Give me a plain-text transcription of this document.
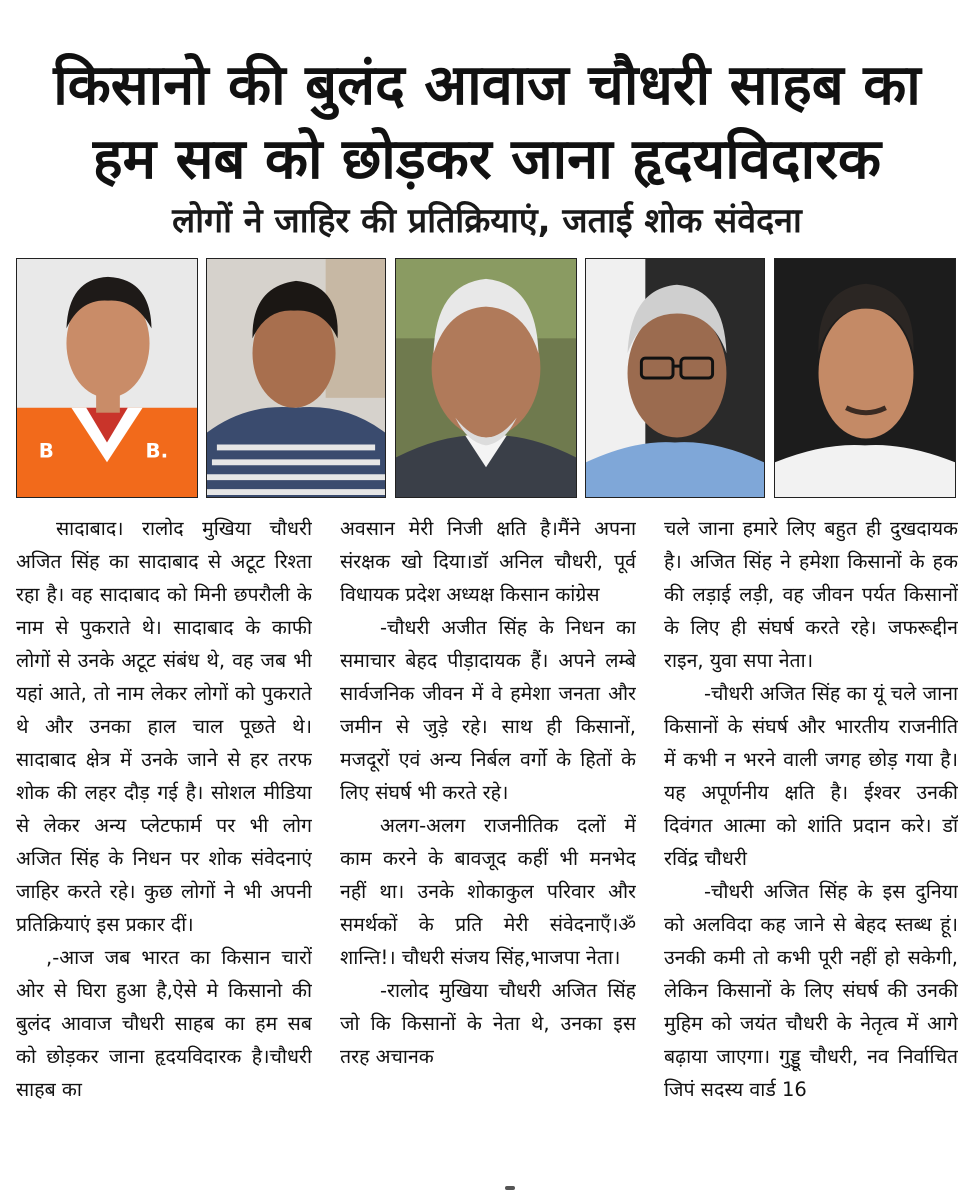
किसानो की बुलंद आवाज चौधरी साहब का
हम सब को छोड़कर जाना हृदयविदारक
लोगों ने जाहिर की प्रतिक्रियाएं, जताई शोक संवेदना
B	B.

सादाबाद। रालोद मुखिया चौधरी अजित सिंह का सादाबाद से अटूट रिश्ता रहा है। वह सादाबाद को मिनी छपरौली के नाम से पुकराते थे। सादाबाद के काफी लोगों से उनके अटूट संबंध थे, वह जब भी यहां आते, तो नाम लेकर लोगों को पुकराते थे और उनका हाल चाल पूछते थे। सादाबाद क्षेत्र में उनके जाने से हर तरफ शोक की लहर दौड़ गई है। सोशल मीडिया से लेकर अन्य प्लेटफार्म पर भी लोग अजित सिंह के निधन पर शोक संवेदनाएं जाहिर करते रहे। कुछ लोगों ने भी अपनी प्रतिक्रियाएं इस प्रकार दीं।

,-आज जब भारत का किसान चारों ओर से घिरा हुआ है,ऐसे मे किसानो की बुलंद आवाज चौधरी साहब का हम सब को छोड़कर जाना हृदयविदारक है।चौधरी साहब का

अवसान मेरी निजी क्षति है।मैंने अपना संरक्षक खो दिया।डॉ अनिल चौधरी, पूर्व विधायक प्रदेश अध्यक्ष किसान कांग्रेस

-चौधरी अजीत सिंह के निधन का समाचार बेहद पीड़ादायक हैं। अपने लम्बे सार्वजनिक जीवन में वे हमेशा जनता और जमीन से जुड़े रहे। साथ ही किसानों, मजदूरों एवं अन्य निर्बल वर्गो के हितों के लिए संघर्ष भी करते रहे।

अलग-अलग राजनीतिक दलों में काम करने के बावजूद कहीं भी मनभेद नहीं था। उनके शोकाकुल परिवार और समर्थकों के प्रति मेरी संवेदनाएँ।ॐ शान्ति!। चौधरी संजय सिंह,भाजपा नेता।

-रालोद मुखिया चौधरी अजित सिंह जो कि किसानों के नेता थे, उनका इस तरह अचानक

चले जाना हमारे लिए बहुत ही दुखदायक है। अजित सिंह ने हमेशा किसानों के हक की लड़ाई लड़ी, वह जीवन पर्यत किसानों के लिए ही संघर्ष करते रहे। जफरूद्दीन राइन, युवा सपा नेता।

-चौधरी अजित सिंह का यूं चले जाना किसानों के संघर्ष और भारतीय राजनीति में कभी न भरने वाली जगह छोड़ गया है। यह अपूर्णनीय क्षति है। ईश्वर उनकी दिवंगत आत्मा को शांति प्रदान करे। डॉ रविंद्र चौधरी

-चौधरी अजित सिंह के इस दुनिया को अलविदा कह जाने से बेहद स्तब्ध हूं। उनकी कमी तो कभी पूरी नहीं हो सकेगी, लेकिन किसानों के लिए संघर्ष की उनकी मुहिम को जयंत चौधरी के नेतृत्व में आगे बढ़ाया जाएगा। गुड्डू चौधरी, नव निर्वाचित जिपं सदस्य वार्ड 16
